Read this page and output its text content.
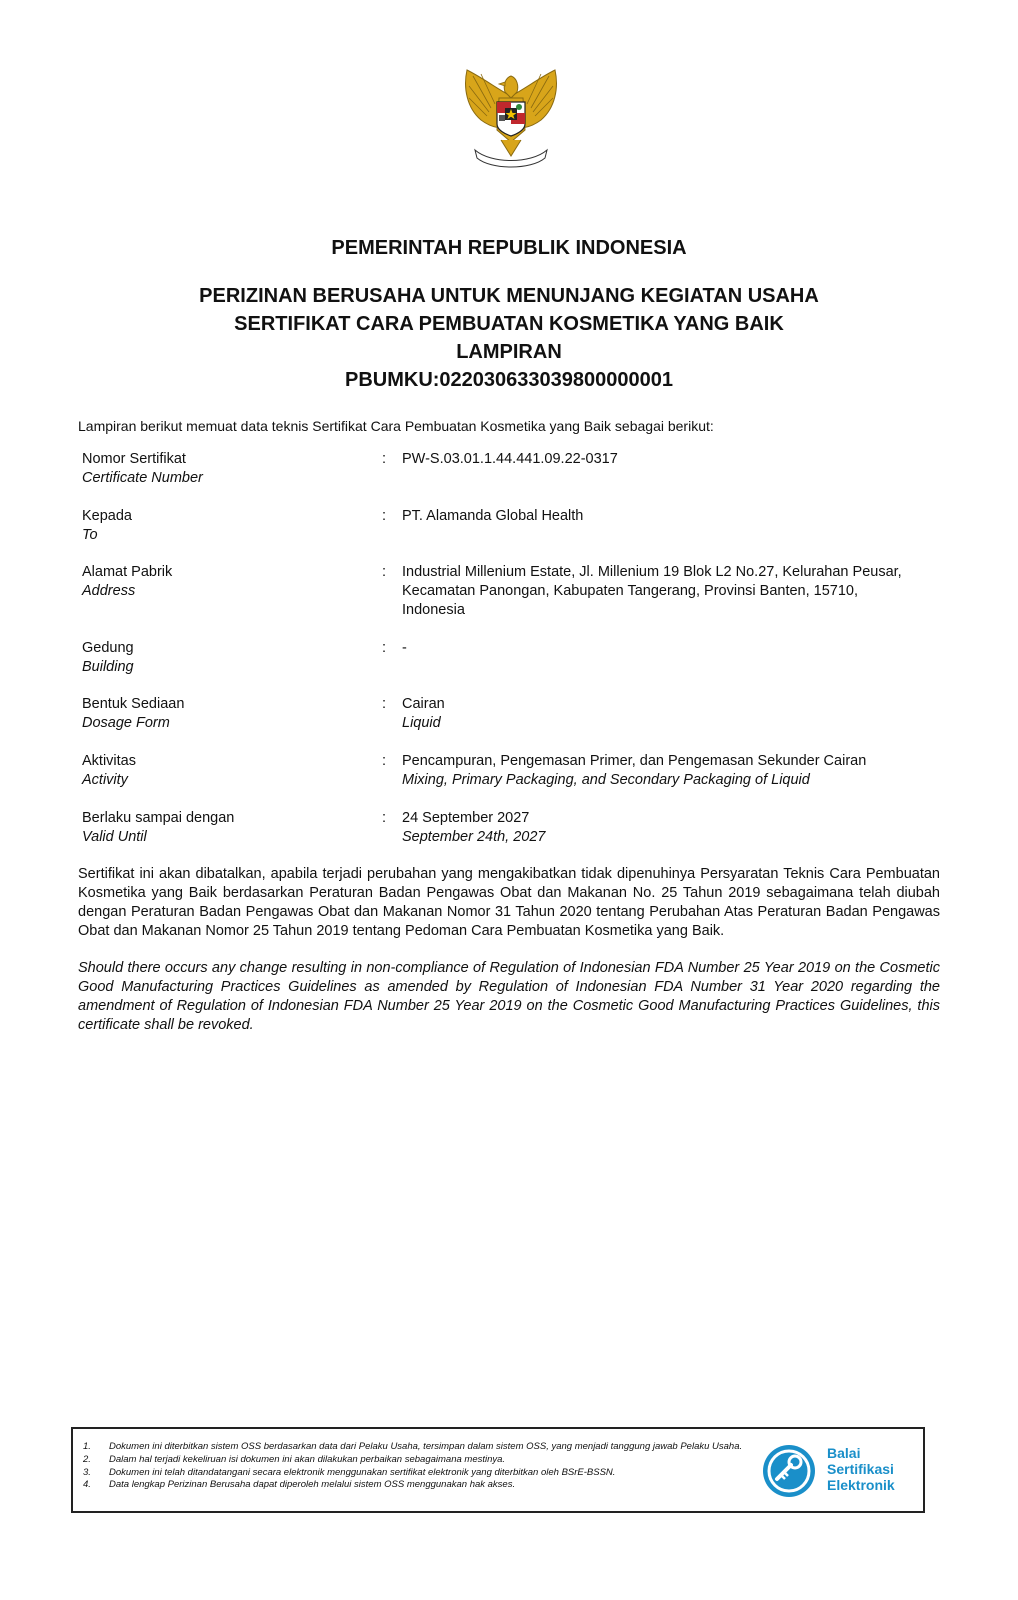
PEMERINTAH REPUBLIK INDONESIA
PERIZINAN BERUSAHA UNTUK MENUNJANG KEGIATAN USAHA
SERTIFIKAT CARA PEMBUATAN KOSMETIKA YANG BAIK
LAMPIRAN
PBUMKU:022030633039800000001
Lampiran berikut memuat data teknis Sertifikat Cara Pembuatan Kosmetika yang Baik sebagai berikut:
Nomor Sertifikat
Certificate Number
: PW-S.03.01.1.44.441.09.22-0317
Kepada
To
: PT. Alamanda Global Health
Alamat Pabrik
Address
: Industrial Millenium Estate, Jl. Millenium 19 Blok L2 No.27, Kelurahan Peusar,
Kecamatan Panongan, Kabupaten Tangerang, Provinsi Banten, 15710,
Indonesia
Gedung
Building
: -
Bentuk Sediaan
Dosage Form
: Cairan
Liquid
Aktivitas
Activity
: Pencampuran, Pengemasan Primer, dan Pengemasan Sekunder Cairan
Mixing, Primary Packaging, and Secondary Packaging of Liquid
Berlaku sampai dengan
Valid Until
: 24 September 2027
September 24th, 2027
Sertifikat ini akan dibatalkan, apabila terjadi perubahan yang mengakibatkan tidak dipenuhinya Persyaratan Teknis Cara Pembuatan Kosmetika yang Baik berdasarkan Peraturan Badan Pengawas Obat dan Makanan No. 25 Tahun 2019 sebagaimana telah diubah dengan Peraturan Badan Pengawas Obat dan Makanan Nomor 31 Tahun 2020 tentang Perubahan Atas Peraturan Badan Pengawas Obat dan Makanan Nomor 25 Tahun 2019 tentang Pedoman Cara Pembuatan Kosmetika yang Baik.
Should there occurs any change resulting in non-compliance of Regulation of Indonesian FDA Number 25 Year 2019 on the Cosmetic Good Manufacturing Practices Guidelines as amended by Regulation of Indonesian FDA Number 31 Year 2020 regarding the amendment of Regulation of Indonesian FDA Number 25 Year 2019 on the Cosmetic Good Manufacturing Practices Guidelines, this certificate shall be revoked.
1.	Dokumen ini diterbitkan sistem OSS berdasarkan data dari Pelaku Usaha, tersimpan dalam sistem OSS, yang menjadi tanggung jawab Pelaku Usaha.
2.	Dalam hal terjadi kekeliruan isi dokumen ini akan dilakukan perbaikan sebagaimana mestinya.
3.	Dokumen ini telah ditandatangani secara elektronik menggunakan sertifikat elektronik yang diterbitkan oleh BSrE-BSSN.
4.	Data lengkap Perizinan Berusaha dapat diperoleh melalui sistem OSS menggunakan hak akses.
Balai
Sertifikasi
Elektronik
